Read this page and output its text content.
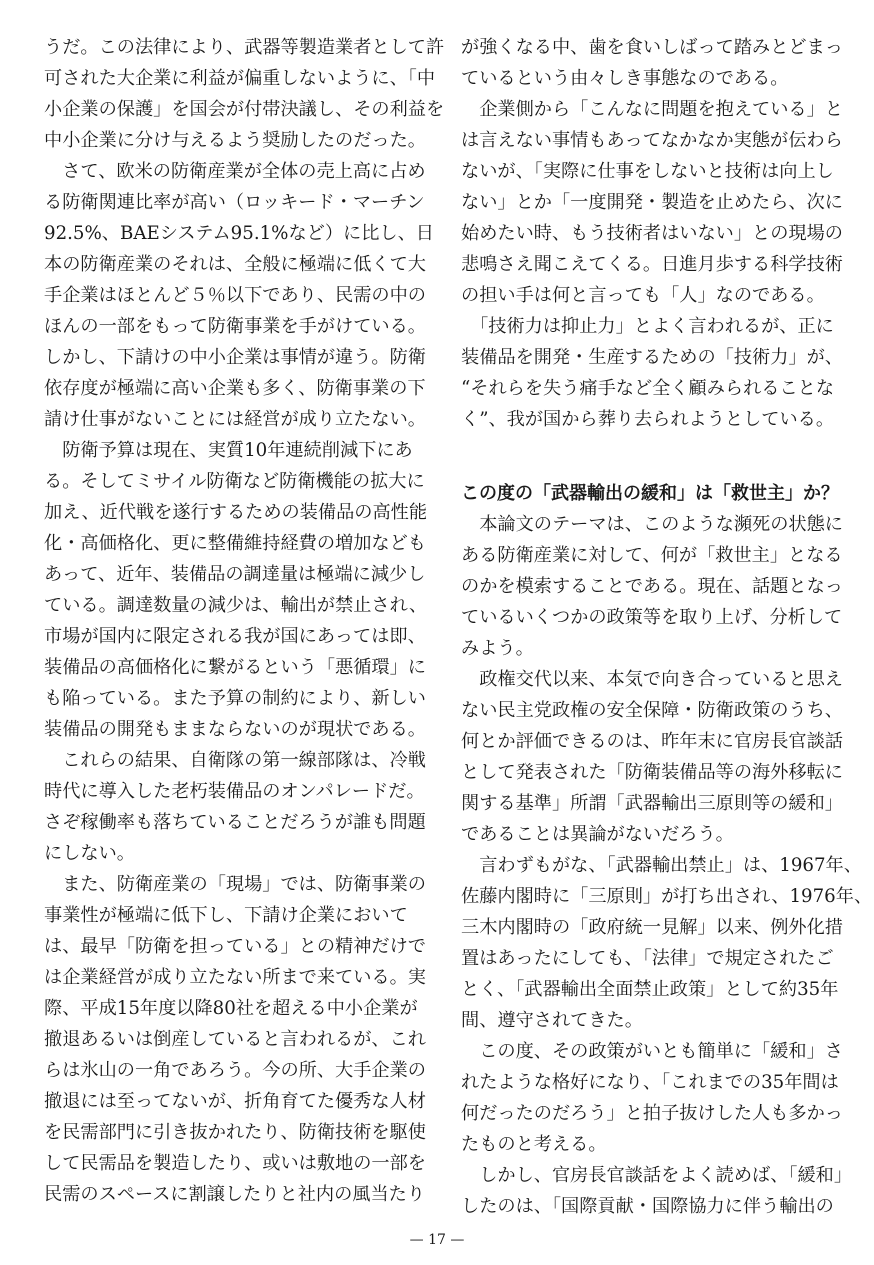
うだ。この法律により、武器等製造業者として許
可された大企業に利益が偏重しないように、「中
小企業の保護」を国会が付帯決議し、その利益を
中小企業に分け与えるよう奨励したのだった。
　さて、欧米の防衛産業が全体の売上高に占め
る防衛関連比率が高い（ロッキード・マーチン
92.5%、BAEシステム95.1%など）に比し、日
本の防衛産業のそれは、全般に極端に低くて大
手企業はほとんど５％以下であり、民需の中の
ほんの一部をもって防衛事業を手がけている。
しかし、下請けの中小企業は事情が違う。防衛
依存度が極端に高い企業も多く、防衛事業の下
請け仕事がないことには経営が成り立たない。
　防衛予算は現在、実質10年連続削減下にあ
る。そしてミサイル防衛など防衛機能の拡大に
加え、近代戦を遂行するための装備品の高性能
化・高価格化、更に整備維持経費の増加なども
あって、近年、装備品の調達量は極端に減少し
ている。調達数量の減少は、輸出が禁止され、
市場が国内に限定される我が国にあっては即、
装備品の高価格化に繋がるという「悪循環」に
も陥っている。また予算の制約により、新しい
装備品の開発もままならないのが現状である。
　これらの結果、自衛隊の第一線部隊は、冷戦
時代に導入した老朽装備品のオンパレードだ。
さぞ稼働率も落ちていることだろうが誰も問題
にしない。
　また、防衛産業の「現場」では、防衛事業の
事業性が極端に低下し、下請け企業において
は、最早「防衛を担っている」との精神だけで
は企業経営が成り立たない所まで来ている。実
際、平成15年度以降80社を超える中小企業が
撤退あるいは倒産していると言われるが、これ
らは氷山の一角であろう。今の所、大手企業の
撤退には至ってないが、折角育てた優秀な人材
を民需部門に引き抜かれたり、防衛技術を駆使
して民需品を製造したり、或いは敷地の一部を
民需のスペースに割譲したりと社内の風当たり
が強くなる中、歯を食いしばって踏みとどまっ
ているという由々しき事態なのである。
　企業側から「こんなに問題を抱えている」と
は言えない事情もあってなかなか実態が伝わら
ないが、「実際に仕事をしないと技術は向上し
ない」とか「一度開発・製造を止めたら、次に
始めたい時、もう技術者はいない」との現場の
悲鳴さえ聞こえてくる。日進月歩する科学技術
の担い手は何と言っても「人」なのである。
　「技術力は抑止力」とよく言われるが、正に
装備品を開発・生産するための「技術力」が、
“それらを失う痛手など全く顧みられることな
く”、我が国から葬り去られようとしている。
この度の「武器輸出の緩和」は「救世主」か？
　本論文のテーマは、このような瀕死の状態に
ある防衛産業に対して、何が「救世主」となる
のかを模索することである。現在、話題となっ
ているいくつかの政策等を取り上げ、分析して
みよう。
　政権交代以来、本気で向き合っていると思え
ない民主党政権の安全保障・防衛政策のうち、
何とか評価できるのは、昨年末に官房長官談話
として発表された「防衛装備品等の海外移転に
関する基準」所謂「武器輸出三原則等の緩和」
であることは異論がないだろう。
　言わずもがな、「武器輸出禁止」は、1967年、
佐藤内閣時に「三原則」が打ち出され、1976年、
三木内閣時の「政府統一見解」以来、例外化措
置はあったにしても、「法律」で規定されたご
とく、「武器輸出全面禁止政策」として約35年
間、遵守されてきた。
　この度、その政策がいとも簡単に「緩和」さ
れたような格好になり、「これまでの35年間は
何だったのだろう」と拍子抜けした人も多かっ
たものと考える。
　しかし、官房長官談話をよく読めば、「緩和」
したのは、「国際貢献・国際協力に伴う輸出の
— 17 —
